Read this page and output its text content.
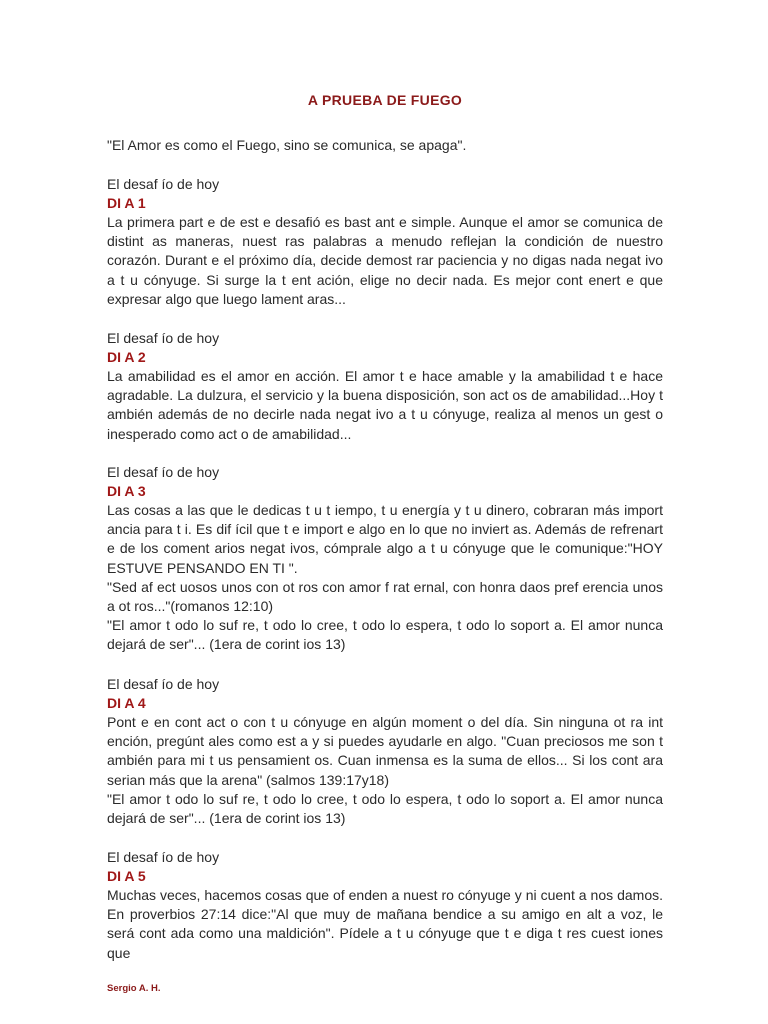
A PRUEBA DE FUEGO
"El Amor es como el Fuego, sino se comunica, se apaga".
El desaf ío de hoy
DI A 1

La primera part e de est e desafió es bast ant e simple. Aunque el amor se comunica de distint as maneras, nuest ras palabras a menudo reflejan la condición de nuestro corazón. Durant e el próximo día, decide demost rar paciencia y no digas nada negat ivo a t u cónyuge. Si surge la t ent ación, elige no decir nada. Es mejor cont enert e que expresar algo que luego lament aras...

El desaf ío de hoy
DI A 2

La amabilidad es el amor en acción. El amor t e hace amable y la amabilidad t e hace agradable. La dulzura, el servicio y la buena disposición, son act os de amabilidad...Hoy t ambién además de no decirle nada negat ivo a t u cónyuge, realiza al menos un gest o inesperado como act o de amabilidad...

El desaf ío de hoy
DI A 3

Las cosas a las que le dedicas t u t iempo, t u energía y t u dinero, cobraran más import ancia para t i. Es dif ícil que t e import e algo en lo que no inviert as. Además de refrenart e de los coment arios negat ivos, cómprale algo a t u cónyuge que le comunique:"HOY ESTUVE PENSANDO EN TI ".

"Sed af ect uosos unos con ot ros con amor f rat ernal, con honra daos pref erencia unos a ot ros..."(romanos 12:10)

"El amor t odo lo suf re, t odo lo cree, t odo lo espera, t odo lo soport a. El amor nunca dejará de ser"... (1era de corint ios 13)

El desaf ío de hoy
DI A 4

Pont e en cont act o con t u cónyuge en algún moment o del día. Sin ninguna ot ra int ención, pregúnt ales como est a y si puedes ayudarle en algo. "Cuan preciosos me son t ambién para mi t us pensamient os. Cuan inmensa es la suma de ellos... Si los cont ara serian más que la arena" (salmos 139:17y18)

"El amor t odo lo suf re, t odo lo cree, t odo lo espera, t odo lo soport a. El amor nunca dejará de ser"... (1era de corint ios 13)

El desaf ío de hoy
DI A 5

Muchas veces, hacemos cosas que of enden a nuest ro cónyuge y ni cuent a nos damos. En proverbios 27:14 dice:"Al que muy de mañana bendice a su amigo en alt a voz, le será cont ada como una maldición". Pídele a t u cónyuge que t e diga t res cuest iones que

Sergio A. H.
